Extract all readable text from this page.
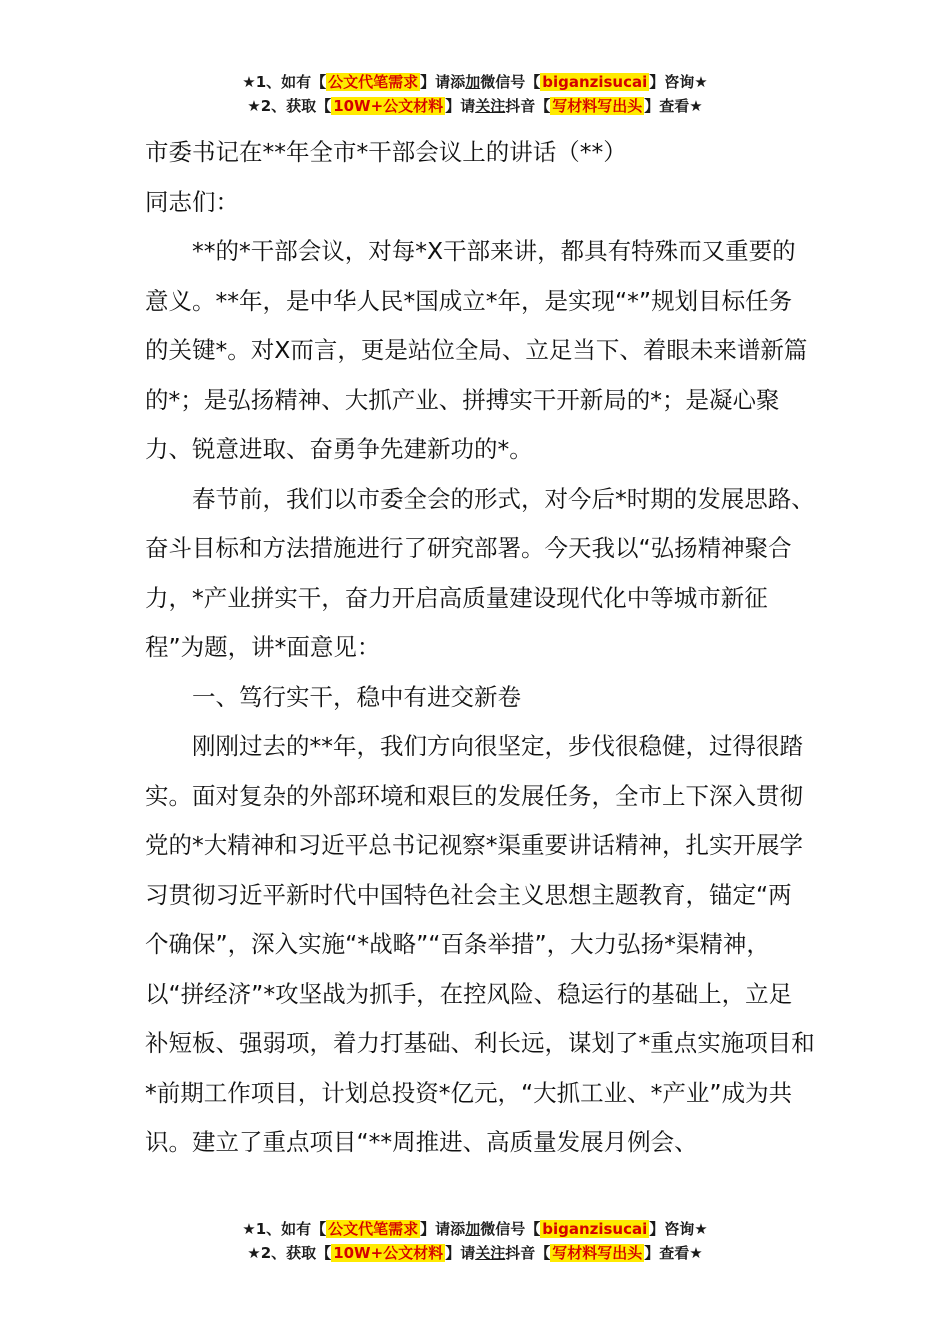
★1、如有【 公文代笔需求 】请添加微信号【 biganzisucai 】咨询★
★2、获取【 10W+公文材料 】请关注抖音【 写材料写出头 】查看★

市委书记在**年全市*干部会议上的讲话（**）

同志们：

**的*干部会议，对每*X干部来讲，都具有特殊而又重要的意义。**年，是中华人民*国成立*年，是实现“*”规划目标任务的关键*。对X而言，更是站位全局、立足当下、着眼未来谱新篇的*；是弘扬精神、大抓产业、拼搏实干开新局的*；是凝心聚力、锐意进取、奋勇争先建新功的*。

春节前，我们以市委全会的形式，对今后*时期的发展思路、奋斗目标和方法措施进行了研究部署。今天我以“弘扬精神聚合力，*产业拼实干，奋力开启高质量建设现代化中等城市新征程”为题，讲*面意见：

一、笃行实干，稳中有进交新卷

刚刚过去的**年，我们方向很坚定，步伐很稳健，过得很踏实。面对复杂的外部环境和艰巨的发展任务，全市上下深入贯彻党的*大精神和习近平总书记视察*渠重要讲话精神，扎实开展学习贯彻习近平新时代中国特色社会主义思想主题教育，锚定“两个确保”，深入实施“*战略”“百条举措”，大力弘扬*渠精神，以“拼经济”*攻坚战为抓手，在控风险、稳运行的基础上，立足补短板、强弱项，着力打基础、利长远，谋划了*重点实施项目和*前期工作项目，计划总投资*亿元，“大抓工业、*产业”成为共识。建立了重点项目“**周推进、高质量发展月例会、

★1、如有【 公文代笔需求 】请添加微信号【 biganzisucai 】咨询★
★2、获取【 10W+公文材料 】请关注抖音【 写材料写出头 】查看★
